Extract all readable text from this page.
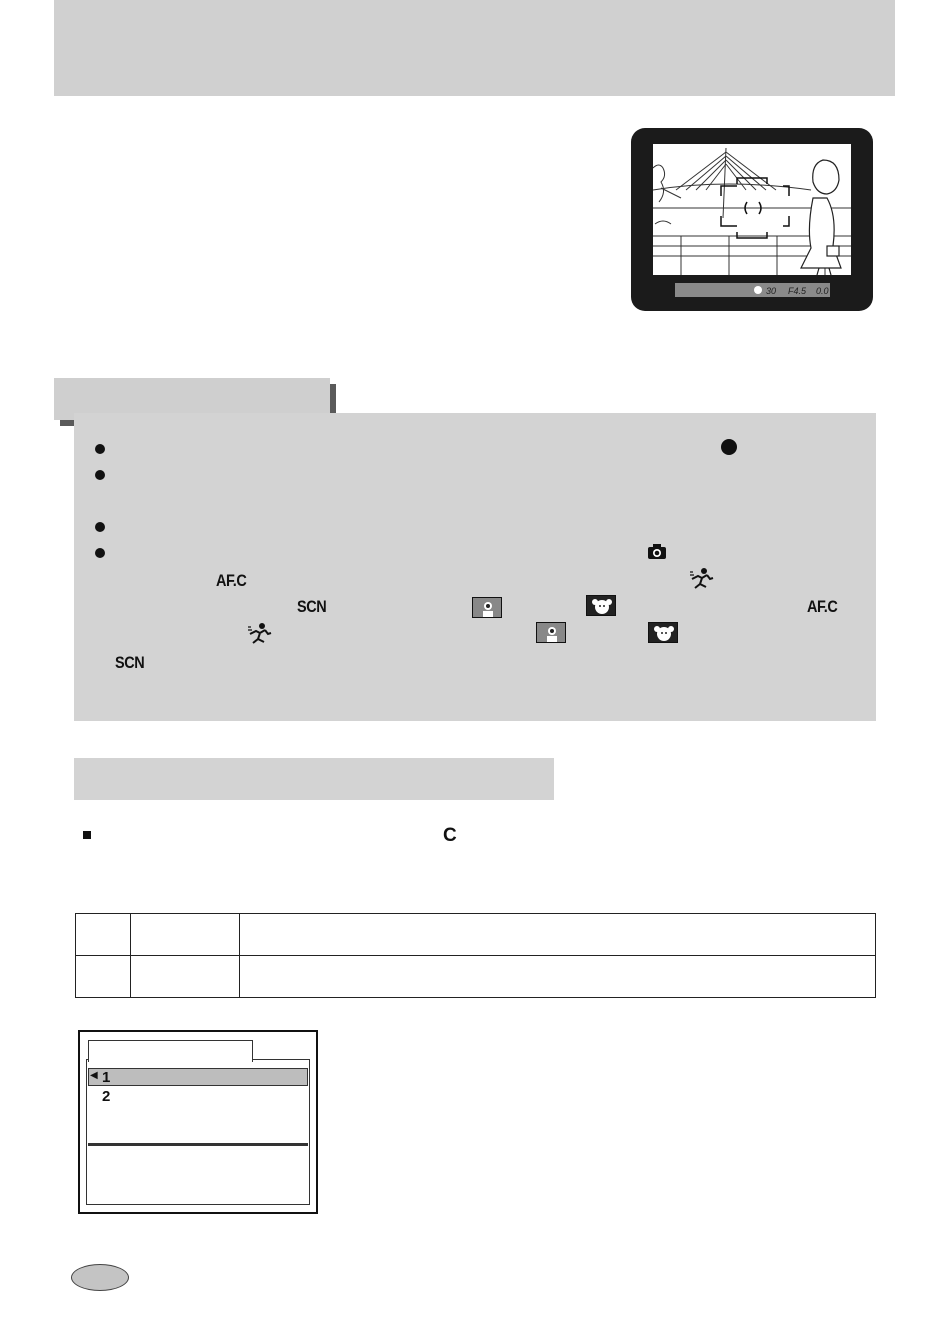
30 F4.5 0.0
AF.C
SCN	AF.C
SCN
C

◀ 1
2
